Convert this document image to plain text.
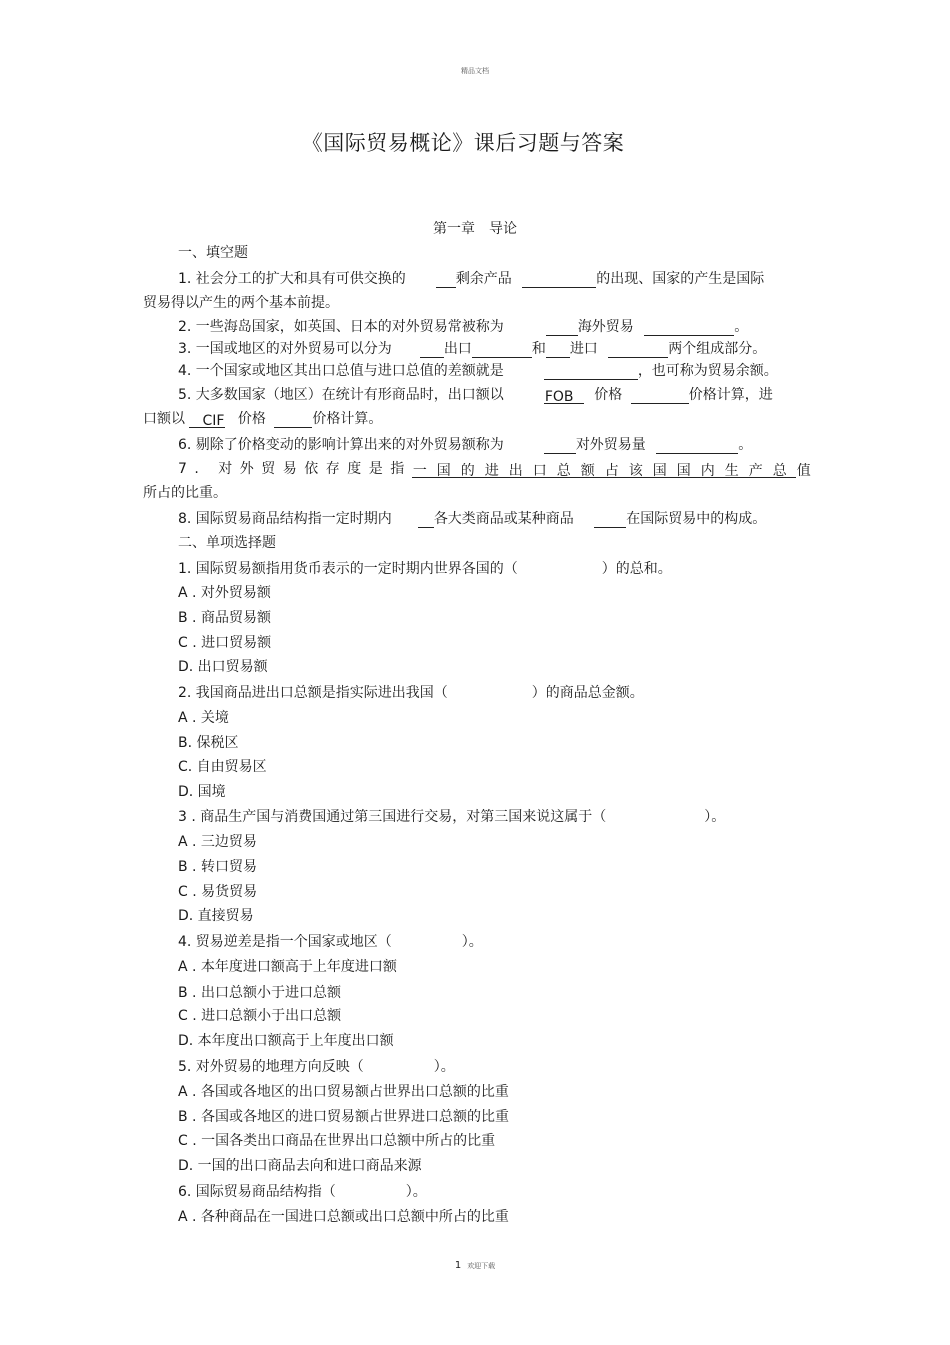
精品文档
《国际贸易概论》课后习题与答案
第一章　导论
一、填空题
1. 社会分工的扩大和具有可供交换的	剩余产品	的出现、国家的产生是国际
贸易得以产生的两个基本前提。
2. 一些海岛国家，如英国、日本的对外贸易常被称为	海外贸易	。
3. 一国或地区的对外贸易可以分为	出口	和 进口	两个组成部分。
4. 一个国家或地区其出口总值与进口总值的差额就是	，也可称为贸易余额。
5. 大多数国家（地区）在统计有形商品时，出口额以	FOB 价格	价格计算，进
口额以 CIF 价格	价格计算。
6. 剔除了价格变动的影响计算出来的对外贸易额称为	对外贸易量	。
7. 对外贸易依存度是指一国的进出口总额占该国国内生产总值
所占的比重。
8. 国际贸易商品结构指一定时期内	各大类商品或某种商品	在国际贸易中的构成。
二、单项选择题
1. 国际贸易额指用货币表示的一定时期内世界各国的（　　　　　　）的总和。
A . 对外贸易额
B . 商品贸易额
C . 进口贸易额
D. 出口贸易额
2. 我国商品进出口总额是指实际进出我国（　　　　　　）的商品总金额。
A . 关境
B. 保税区
C. 自由贸易区
D. 国境
3 . 商品生产国与消费国通过第三国进行交易，对第三国来说这属于（　　　　　　　）。
A . 三边贸易
B . 转口贸易
C . 易货贸易
D. 直接贸易
4. 贸易逆差是指一个国家或地区（　　　　　）。
A . 本年度进口额高于上年度进口额
B . 出口总额小于进口总额
C . 进口总额小于出口总额
D. 本年度出口额高于上年度出口额
5. 对外贸易的地理方向反映（　　　　　）。
A . 各国或各地区的出口贸易额占世界出口总额的比重
B . 各国或各地区的进口贸易额占世界进口总额的比重
C . 一国各类出口商品在世界出口总额中所占的比重
D. 一国的出口商品去向和进口商品来源
6. 国际贸易商品结构指（　　　　　）。
A . 各种商品在一国进口总额或出口总额中所占的比重
1 欢迎下载
